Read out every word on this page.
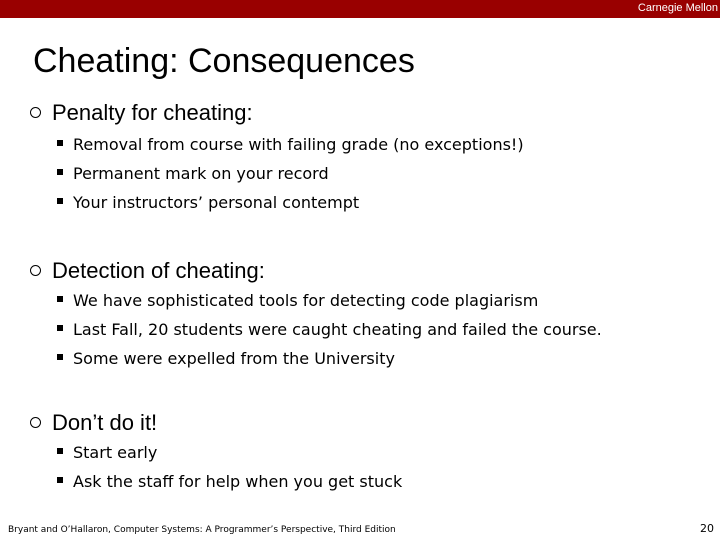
Carnegie Mellon
Cheating: Consequences
Penalty for cheating:
Removal from course with failing grade (no exceptions!)
Permanent mark on your record
Your instructors’ personal contempt
Detection of cheating:
We have sophisticated tools for detecting code plagiarism
Last Fall, 20 students were caught cheating and failed the course.
Some were expelled from the University
Don’t do it!
Start early
Ask the staff for help when you get stuck
Bryant and O’Hallaron, Computer Systems: A Programmer’s Perspective, Third Edition	20
